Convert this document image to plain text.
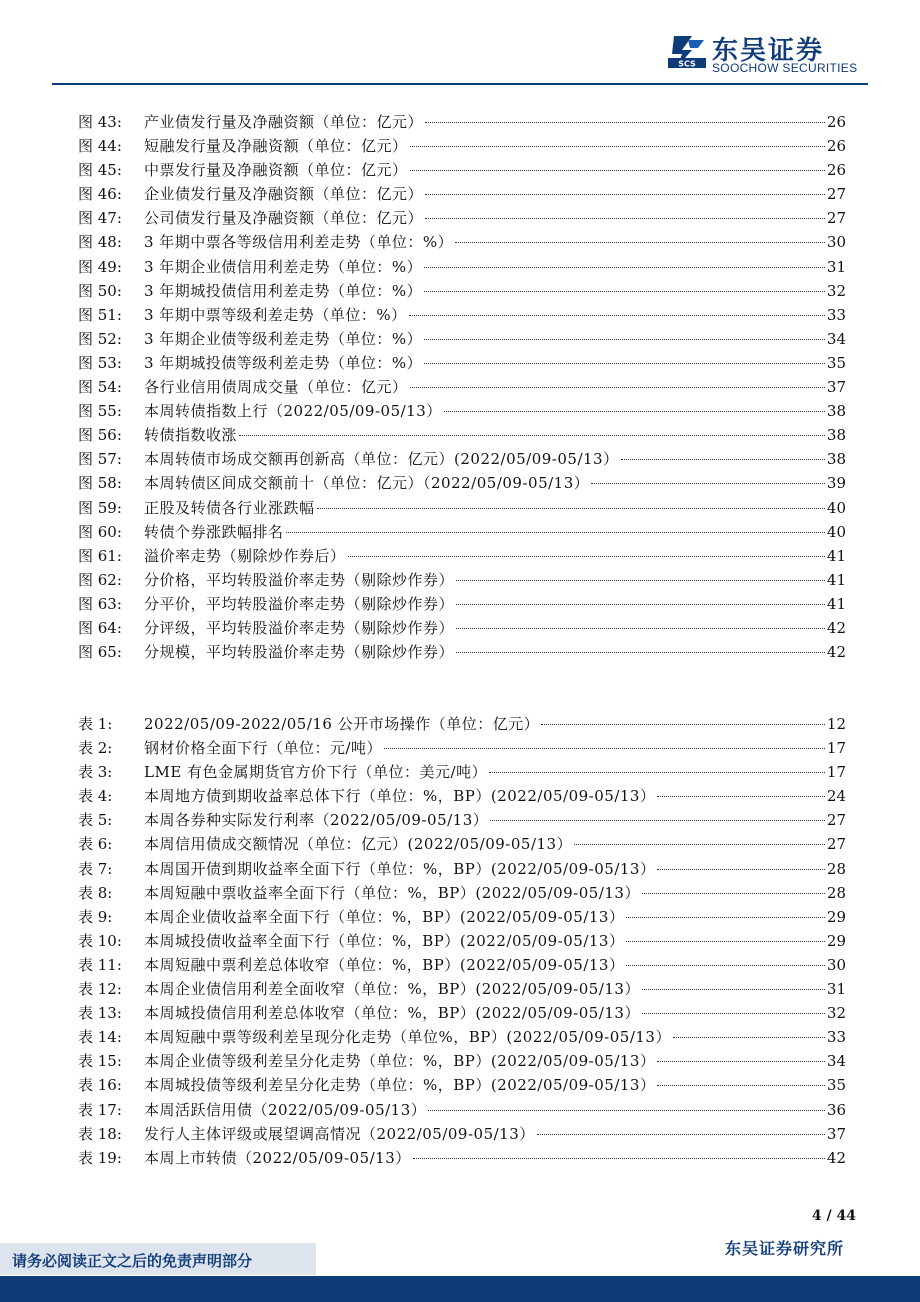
SCS 东吴证券
SOOCHOW SECURITIES
图 43:	产业债发行量及净融资额（单位：亿元）	26
图 44:	短融发行量及净融资额（单位：亿元）	26
图 45:	中票发行量及净融资额（单位：亿元）	26
图 46:	企业债发行量及净融资额（单位：亿元）	27
图 47:	公司债发行量及净融资额（单位：亿元）	27
图 48:	3 年期中票各等级信用利差走势（单位：%）	30
图 49:	3 年期企业债信用利差走势（单位：%）	31
图 50:	3 年期城投债信用利差走势（单位：%）	32
图 51:	3 年期中票等级利差走势（单位：%）	33
图 52:	3 年期企业债等级利差走势（单位：%）	34
图 53:	3 年期城投债等级利差走势（单位：%）	35
图 54:	各行业信用债周成交量（单位：亿元）	37
图 55:	本周转债指数上行（2022/05/09-05/13）	38
图 56:	转债指数收涨	38
图 57:	本周转债市场成交额再创新高（单位：亿元）(2022/05/09-05/13）	38
图 58:	本周转债区间成交额前十（单位：亿元）（2022/05/09-05/13）	39
图 59:	正股及转债各行业涨跌幅	40
图 60:	转债个券涨跌幅排名	40
图 61:	溢价率走势（剔除炒作券后）	41
图 62:	分价格，平均转股溢价率走势（剔除炒作券）	41
图 63:	分平价，平均转股溢价率走势（剔除炒作券）	41
图 64:	分评级，平均转股溢价率走势（剔除炒作券）	42
图 65:	分规模，平均转股溢价率走势（剔除炒作券）	42
表 1:	2022/05/09-2022/05/16 公开市场操作（单位：亿元）	12
表 2:	钢材价格全面下行（单位：元/吨）	17
表 3:	LME 有色金属期货官方价下行（单位：美元/吨）	17
表 4:	本周地方债到期收益率总体下行（单位：%，BP）(2022/05/09-05/13）	24
表 5:	本周各券种实际发行利率（2022/05/09-05/13）	27
表 6:	本周信用债成交额情况（单位：亿元）(2022/05/09-05/13）	27
表 7:	本周国开债到期收益率全面下行（单位：%，BP）(2022/05/09-05/13）	28
表 8:	本周短融中票收益率全面下行（单位：%，BP）(2022/05/09-05/13）	28
表 9:	本周企业债收益率全面下行（单位：%，BP）(2022/05/09-05/13）	29
表 10:	本周城投债收益率全面下行（单位：%，BP）(2022/05/09-05/13）	29
表 11:	本周短融中票利差总体收窄（单位：%，BP）(2022/05/09-05/13）	30
表 12:	本周企业债信用利差全面收窄（单位：%，BP）(2022/05/09-05/13）	31
表 13:	本周城投债信用利差总体收窄（单位：%，BP）(2022/05/09-05/13）	32
表 14:	本周短融中票等级利差呈现分化走势（单位%，BP）(2022/05/09-05/13）	33
表 15:	本周企业债等级利差呈分化走势（单位：%，BP）(2022/05/09-05/13）	34
表 16:	本周城投债等级利差呈分化走势（单位：%，BP）(2022/05/09-05/13）	35
表 17:	本周活跃信用债（2022/05/09-05/13）	36
表 18:	发行人主体评级或展望调高情况（2022/05/09-05/13）	37
表 19:	本周上市转债（2022/05/09-05/13）	42
4 / 44
请务必阅读正文之后的免责声明部分
东吴证券研究所
